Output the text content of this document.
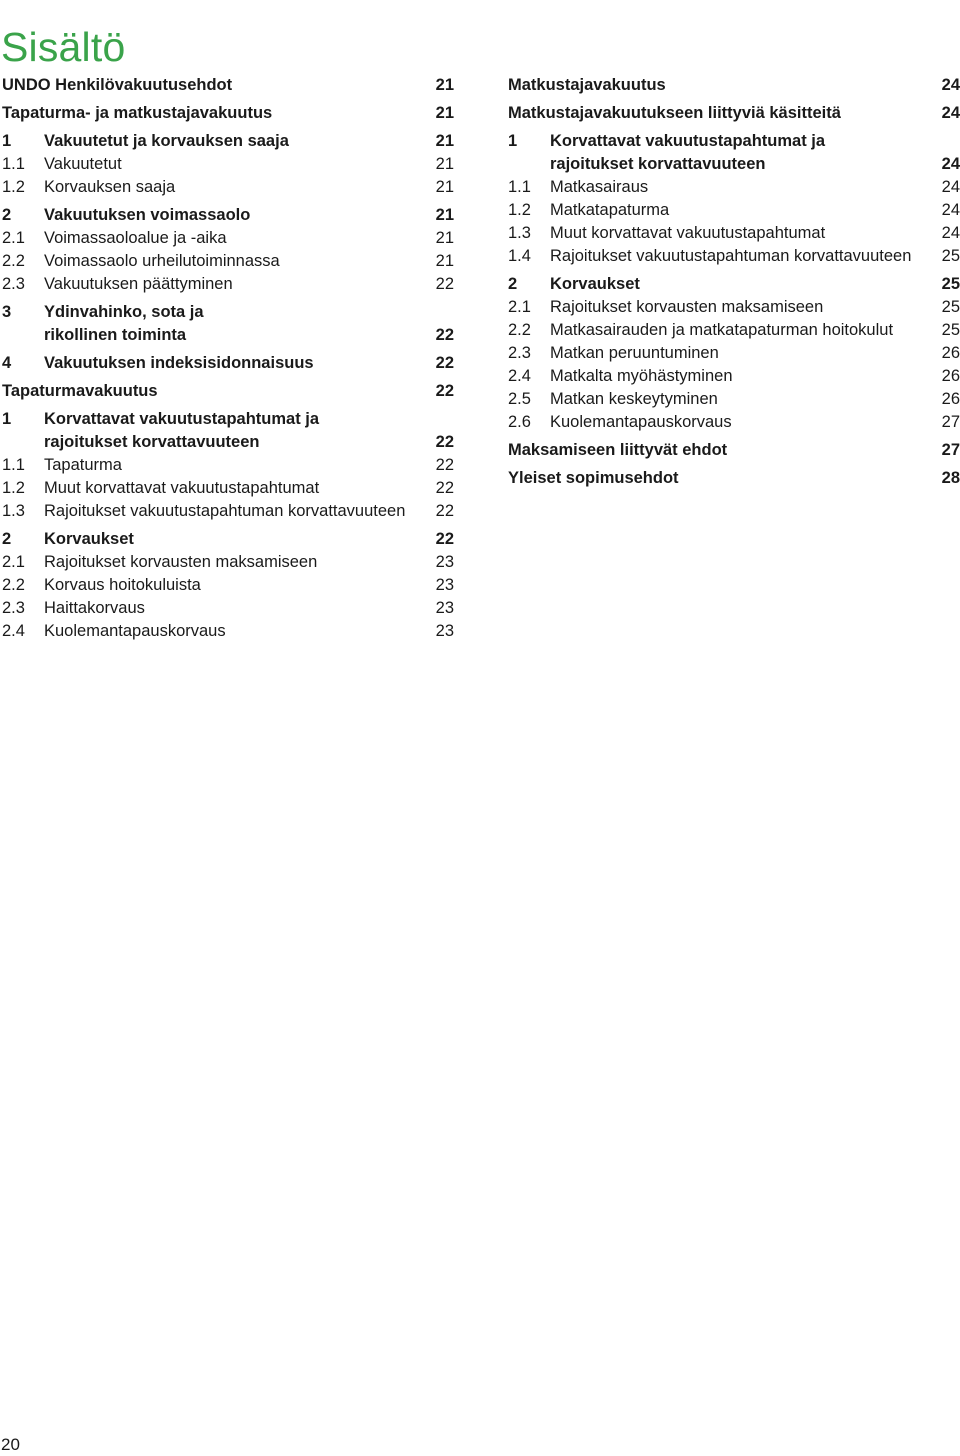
Sisältö
UNDO Henkilövakuutusehdot	21
Tapaturma- ja matkustajavakuutus	21
1 Vakuutetut ja korvauksen saaja	21
1.1 Vakuutetut	21
1.2 Korvauksen saaja	21
2 Vakuutuksen voimassaolo	21
2.1 Voimassaoloalue ja -aika	21
2.2 Voimassaolo urheilutoiminnassa	21
2.3 Vakuutuksen päättyminen	22
3 Ydinvahinko, sota ja rikollinen toiminta	22
4 Vakuutuksen indeksisidonnaisuus	22
Tapaturmavakuutus	22
1 Korvattavat vakuutustapahtumat ja rajoitukset korvattavuuteen	22
1.1 Tapaturma	22
1.2 Muut korvattavat vakuutustapahtumat	22
1.3 Rajoitukset vakuutustapahtuman korvattavuuteen 22
2 Korvaukset	22
2.1 Rajoitukset korvausten maksamiseen	23
2.2 Korvaus hoitokuluista	23
2.3 Haittakorvaus	23
2.4 Kuolemantapauskorvaus	23
Matkustajavakuutus	24
Matkustajavakuutukseen liittyviä käsitteitä	24
1 Korvattavat vakuutustapahtumat ja rajoitukset korvattavuuteen	24
1.1 Matkasairaus	24
1.2 Matkatapaturma	24
1.3 Muut korvattavat vakuutustapahtumat	24
1.4 Rajoitukset vakuutustapahtuman korvattavuuteen 25
2 Korvaukset	25
2.1 Rajoitukset korvausten maksamiseen	25
2.2 Matkasairauden ja matkatapaturman hoitokulut	25
2.3 Matkan peruuntuminen	26
2.4 Matkalta myöhästyminen	26
2.5 Matkan keskeytyminen	26
2.6 Kuolemantapauskorvaus	27
Maksamiseen liittyvät ehdot	27
Yleiset sopimusehdot	28
20
